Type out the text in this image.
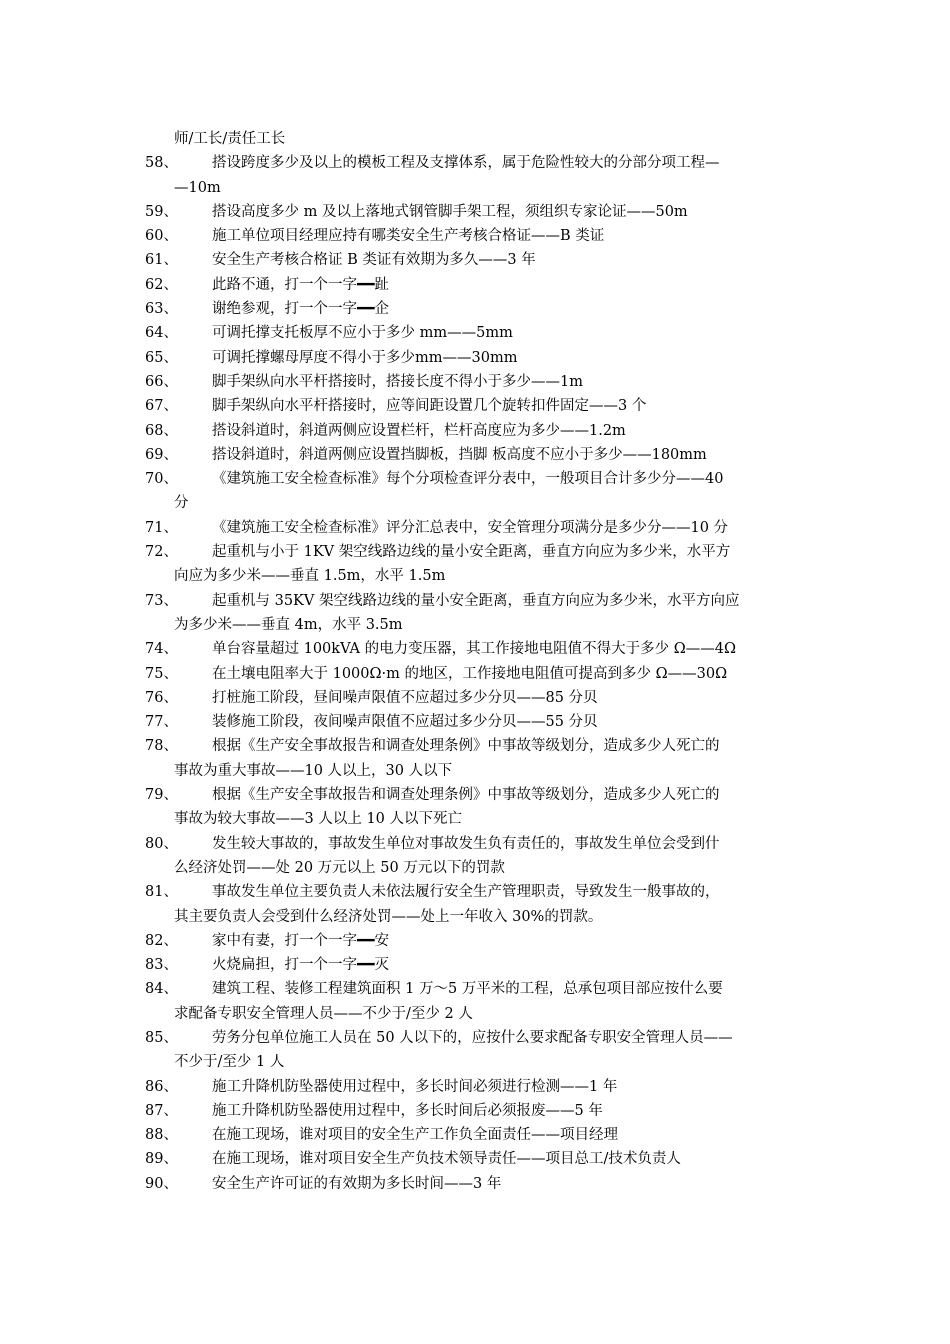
师/工长/责任工长
58、	搭设跨度多少及以上的模板工程及支撑体系，属于危险性较大的分部分项工程—
—10m
59、	搭设高度多少 m 及以上落地式钢管脚手架工程，须组织专家论证——50m
60、	施工单位项目经理应持有哪类安全生产考核合格证——B 类证
61、	安全生产考核合格证 B 类证有效期为多久——3 年
62、	此路不通，打一个一字━━趾
63、	谢绝参观，打一个一字━━企
64、	可调托撑支托板厚不应小于多少 mm——5mm
65、	可调托撑螺母厚度不得小于多少mm——30mm
66、	脚手架纵向水平杆搭接时，搭接长度不得小于多少——1m
67、	脚手架纵向水平杆搭接时，应等间距设置几个旋转扣件固定——3 个
68、	搭设斜道时，斜道两侧应设置栏杆，栏杆高度应为多少——1.2m
69、	搭设斜道时，斜道两侧应设置挡脚板，挡脚 板高度不应小于多少——180mm
70、	《建筑施工安全检查标准》每个分项检查评分表中，一般项目合计多少分——40
分
71、	《建筑施工安全检查标准》评分汇总表中，安全管理分项满分是多少分——10 分
72、	起重机与小于 1KV 架空线路边线的量小安全距离，垂直方向应为多少米，水平方
向应为多少米——垂直 1.5m，水平 1.5m
73、	起重机与 35KV 架空线路边线的量小安全距离，垂直方向应为多少米，水平方向应
为多少米——垂直 4m，水平 3.5m
74、	单台容量超过 100kVA 的电力变压器，其工作接地电阻值不得大于多少 Ω——4Ω
75、	在土壤电阻率大于 1000Ω·m 的地区，工作接地电阻值可提高到多少 Ω——30Ω
76、	打桩施工阶段，昼间噪声限值不应超过多少分贝——85 分贝
77、	装修施工阶段，夜间噪声限值不应超过多少分贝——55 分贝
78、	根据《生产安全事故报告和调查处理条例》中事故等级划分，造成多少人死亡的
事故为重大事故——10 人以上，30 人以下
79、	根据《生产安全事故报告和调查处理条例》中事故等级划分，造成多少人死亡的
事故为较大事故——3 人以上 10 人以下死亡
80、	发生较大事故的，事故发生单位对事故发生负有责任的，事故发生单位会受到什
么经济处罚——处 20 万元以上 50 万元以下的罚款
81、	事故发生单位主要负责人未依法履行安全生产管理职责，导致发生一般事故的，
其主要负责人会受到什么经济处罚——处上一年收入 30%的罚款。
82、	家中有妻，打一个一字━━安
83、	火烧扁担，打一个一字━━灭
84、	建筑工程、装修工程建筑面积 1 万～5 万平米的工程，总承包项目部应按什么要
求配备专职安全管理人员——不少于/至少 2 人
85、	劳务分包单位施工人员在 50 人以下的，应按什么要求配备专职安全管理人员——
不少于/至少 1 人
86、	施工升降机防坠器使用过程中，多长时间必须进行检测——1 年
87、	施工升降机防坠器使用过程中，多长时间后必须报废——5 年
88、	在施工现场，谁对项目的安全生产工作负全面责任——项目经理
89、	在施工现场，谁对项目安全生产负技术领导责任——项目总工/技术负责人
90、	安全生产许可证的有效期为多长时间——3 年
